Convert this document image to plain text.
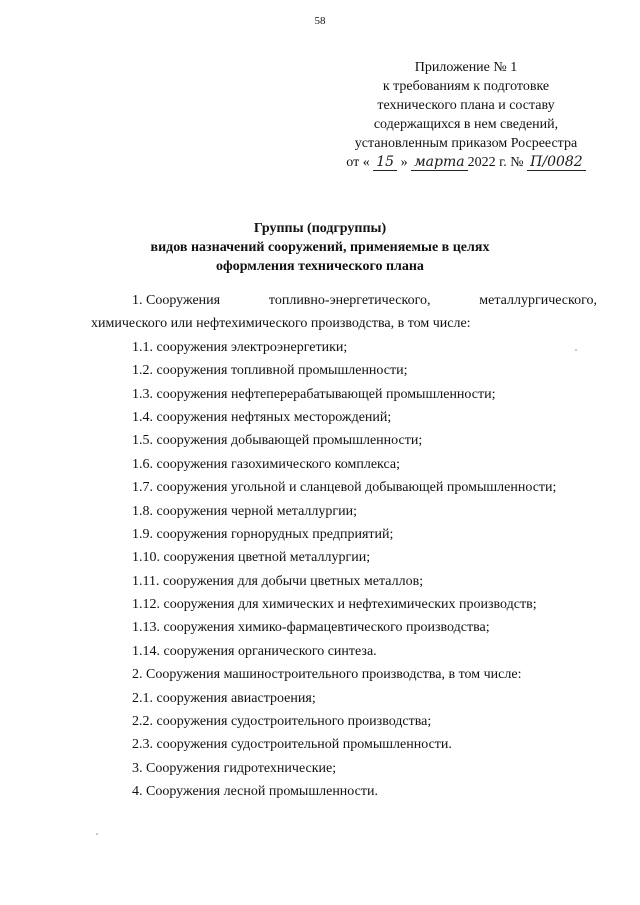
58
Приложение № 1
к требованиям к подготовке
технического плана и составу
содержащихся в нем сведений,
установленным приказом Росреестра
от « 15 » марта 2022 г. № П/0082
Группы (подгруппы)
видов назначений сооружений, применяемые в целях
оформления технического плана
1. Сооружения	топливно-энергетического,	металлургического,
химического или нефтехимического производства, в том числе:
1.1. сооружения электроэнергетики;
1.2. сооружения топливной промышленности;
1.3. сооружения нефтеперерабатывающей промышленности;
1.4. сооружения нефтяных месторождений;
1.5. сооружения добывающей промышленности;
1.6. сооружения газохимического комплекса;
1.7. сооружения угольной и сланцевой добывающей промышленности;
1.8. сооружения черной металлургии;
1.9. сооружения горнорудных предприятий;
1.10. сооружения цветной металлургии;
1.11. сооружения для добычи цветных металлов;
1.12. сооружения для химических и нефтехимических производств;
1.13. сооружения химико-фармацевтического производства;
1.14. сооружения органического синтеза.
2. Сооружения машиностроительного производства, в том числе:
2.1. сооружения авиастроения;
2.2. сооружения судостроительного производства;
2.3. сооружения судостроительной промышленности.
3. Сооружения гидротехнические;
4. Сооружения лесной промышленности.
